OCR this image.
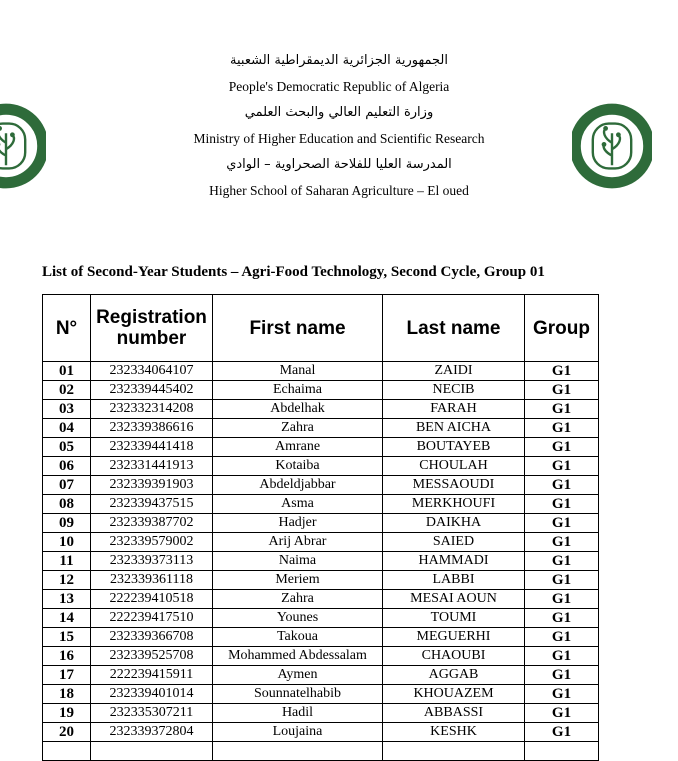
الجمهورية الجزائرية الديمقراطية الشعبية
People's Democratic Republic of Algeria
وزارة التعليم العالي والبحث العلمي
Ministry of Higher Education and Scientific Research
المدرسة العليا للفلاحة الصحراوية – الوادي
Higher School of Saharan Agriculture – El oued
List of Second-Year Students – Agri-Food Technology, Second Cycle, Group 01
N°	Registration number	First name	Last name	Group
01	232334064107	Manal	ZAIDI	G1
02	232339445402	Echaima	NECIB	G1
03	232332314208	Abdelhak	FARAH	G1
04	232339386616	Zahra	BEN AICHA	G1
05	232339441418	Amrane	BOUTAYEB	G1
06	232331441913	Kotaiba	CHOULAH	G1
07	232339391903	Abdeldjabbar	MESSAOUDI	G1
08	232339437515	Asma	MERKHOUFI	G1
09	232339387702	Hadjer	DAIKHA	G1
10	232339579002	Arij Abrar	SAIED	G1
11	232339373113	Naima	HAMMADI	G1
12	232339361118	Meriem	LABBI	G1
13	222239410518	Zahra	MESAI AOUN	G1
14	222239417510	Younes	TOUMI	G1
15	232339366708	Takoua	MEGUERHI	G1
16	232339525708	Mohammed Abdessalam	CHAOUBI	G1
17	222239415911	Aymen	AGGAB	G1
18	232339401014	Sounnatelhabib	KHOUAZEM	G1
19	232335307211	Hadil	ABBASSI	G1
20	232339372804	Loujaina	KESHK	G1
